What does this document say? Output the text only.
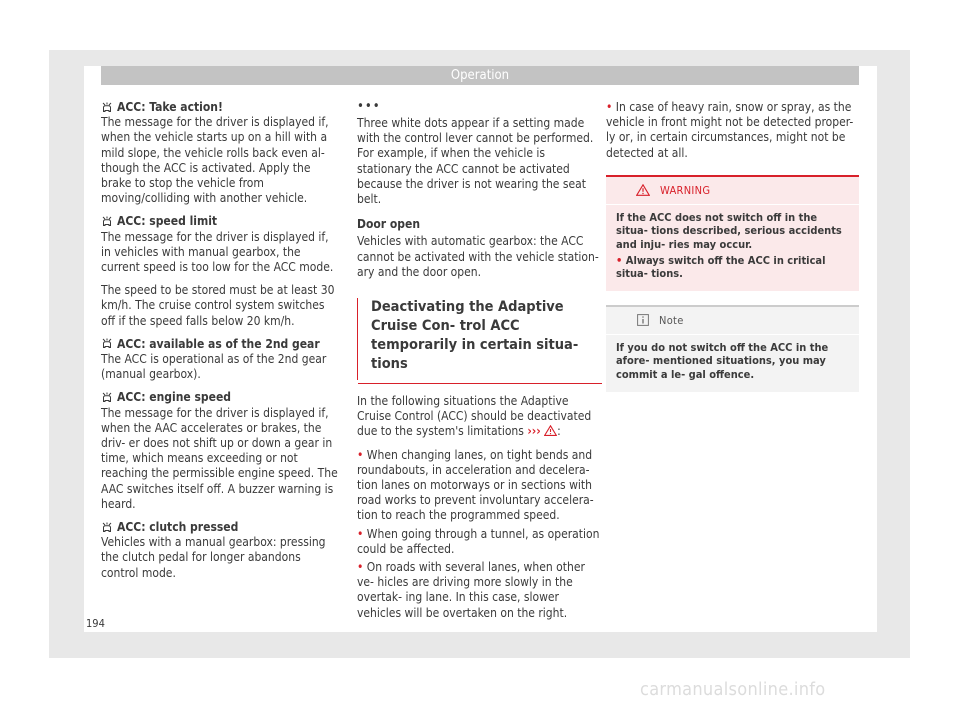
Operation
ACC: Take action!

The message for the driver is displayed if, when the vehicle starts up on a hill with a mild slope, the vehicle rolls back even al- though the ACC is activated. Apply the brake to stop the vehicle from moving/colliding with another vehicle.

ACC: speed limit

The message for the driver is displayed if, in vehicles with manual gearbox, the current speed is too low for the ACC mode.

The speed to be stored must be at least 30 km/h. The cruise control system switches off if the speed falls below 20 km/h.

ACC: available as of the 2nd gear

The ACC is operational as of the 2nd gear (manual gearbox).

ACC: engine speed

The message for the driver is displayed if, when the AAC accelerates or brakes, the driv- er does not shift up or down a gear in time, which means exceeding or not reaching the permissible engine speed. The AAC switches itself off. A buzzer warning is heard.

ACC: clutch pressed

Vehicles with a manual gearbox: pressing the clutch pedal for longer abandons control mode.

•••

Three white dots appear if a setting made with the control lever cannot be performed. For example, if when the vehicle is stationary the ACC cannot be activated because the driver is not wearing the seat belt.

Door open

Vehicles with automatic gearbox: the ACC cannot be activated with the vehicle station- ary and the door open.

Deactivating the Adaptive Cruise Con- trol ACC temporarily in certain situa- tions

In the following situations the Adaptive Cruise Control (ACC) should be deactivated due to the system's limitations ››› :

• When changing lanes, on tight bends and roundabouts, in acceleration and decelera- tion lanes on motorways or in sections with road works to prevent involuntary accelera- tion to reach the programmed speed.
• When going through a tunnel, as operation could be affected.
• On roads with several lanes, when other ve- hicles are driving more slowly in the overtak- ing lane. In this case, slower vehicles will be overtaken on the right.
• In case of heavy rain, snow or spray, as the vehicle in front might not be detected proper- ly or, in certain circumstances, might not be detected at all.
WARNING
If the ACC does not switch off in the situa- tions described, serious accidents and inju- ries may occur.
• Always switch off the ACC in critical situa- tions.
Note
If you do not switch off the ACC in the afore- mentioned situations, you may commit a le- gal offence.
194
carmanualsonline.info
